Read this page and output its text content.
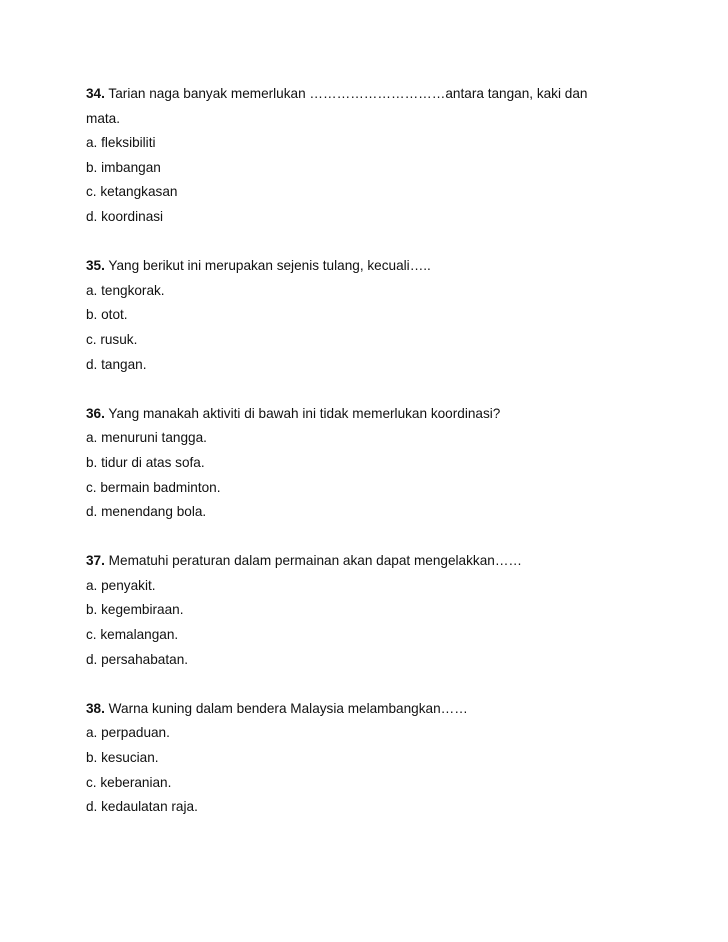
34. Tarian naga banyak memerlukan …………………………antara tangan, kaki dan
mata.
a. fleksibiliti
b. imbangan
c. ketangkasan
d. koordinasi
35. Yang berikut ini merupakan sejenis tulang, kecuali…..
a. tengkorak.
b. otot.
c. rusuk.
d. tangan.
36. Yang manakah aktiviti di bawah ini tidak memerlukan koordinasi?
a. menuruni tangga.
b. tidur di atas sofa.
c. bermain badminton.
d. menendang bola.
37. Mematuhi peraturan dalam permainan akan dapat mengelakkan……
a. penyakit.
b. kegembiraan.
c. kemalangan.
d. persahabatan.
38. Warna kuning dalam bendera Malaysia melambangkan……
a. perpaduan.
b. kesucian.
c. keberanian.
d. kedaulatan raja.
